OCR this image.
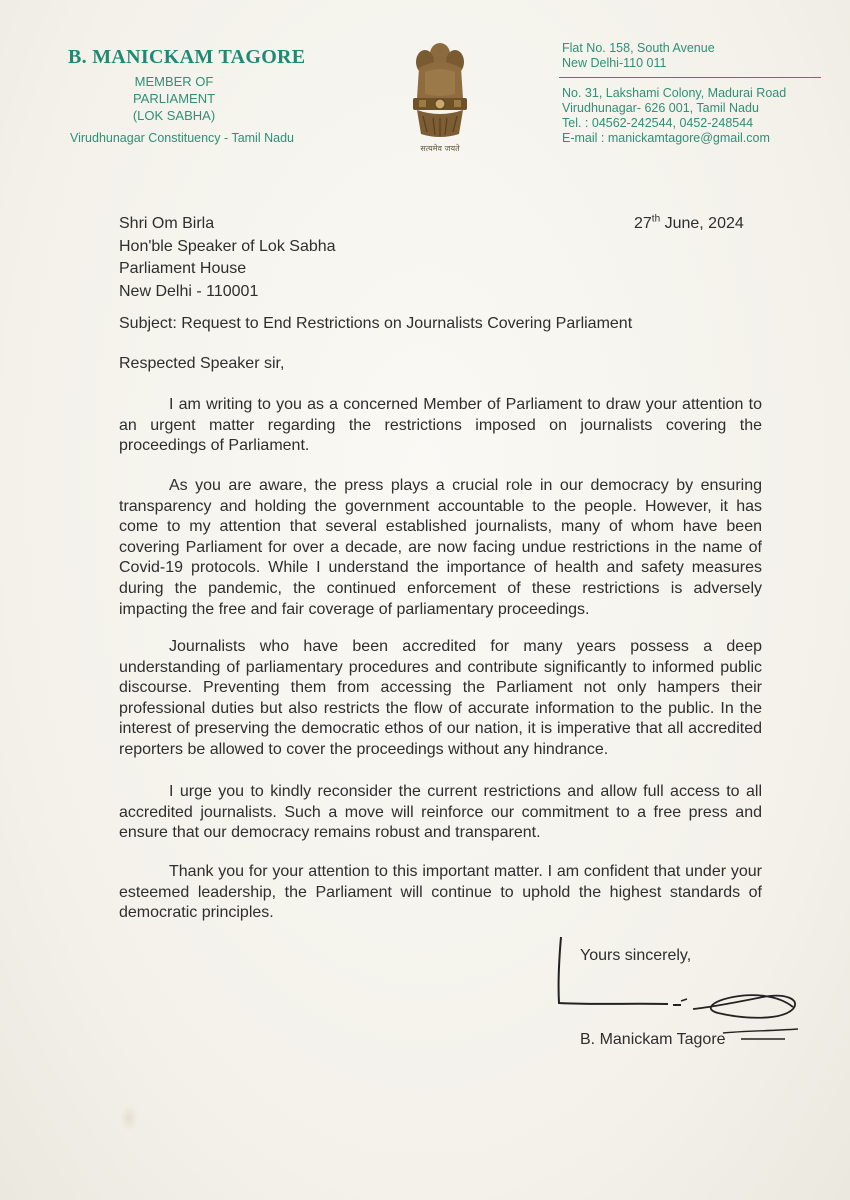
B. MANICKAM TAGORE
MEMBER OF PARLIAMENT
(LOK SABHA)
Virudhunagar Constituency - Tamil Nadu
सत्यमेव जयते
Flat No. 158, South Avenue
New Delhi-110 011
No. 31, Lakshami Colony, Madurai Road
Virudhunagar- 626 001, Tamil Nadu
Tel. : 04562-242544, 0452-248544
E-mail : manickamtagore@gmail.com
Shri Om Birla
Hon'ble Speaker of Lok Sabha
Parliament House
New Delhi - 110001
27th June, 2024
Subject: Request to End Restrictions on Journalists Covering Parliament
Respected Speaker sir,
I am writing to you as a concerned Member of Parliament to draw your attention to an urgent matter regarding the restrictions imposed on journalists covering the proceedings of Parliament.
As you are aware, the press plays a crucial role in our democracy by ensuring transparency and holding the government accountable to the people. However, it has come to my attention that several established journalists, many of whom have been covering Parliament for over a decade, are now facing undue restrictions in the name of Covid-19 protocols. While I understand the importance of health and safety measures during the pandemic, the continued enforcement of these restrictions is adversely impacting the free and fair coverage of parliamentary proceedings.
Journalists who have been accredited for many years possess a deep understanding of parliamentary procedures and contribute significantly to informed public discourse. Preventing them from accessing the Parliament not only hampers their professional duties but also restricts the flow of accurate information to the public. In the interest of preserving the democratic ethos of our nation, it is imperative that all accredited reporters be allowed to cover the proceedings without any hindrance.
I urge you to kindly reconsider the current restrictions and allow full access to all accredited journalists. Such a move will reinforce our commitment to a free press and ensure that our democracy remains robust and transparent.
Thank you for your attention to this important matter. I am confident that under your esteemed leadership, the Parliament will continue to uphold the highest standards of democratic principles.
Yours sincerely,
B. Manickam Tagore
